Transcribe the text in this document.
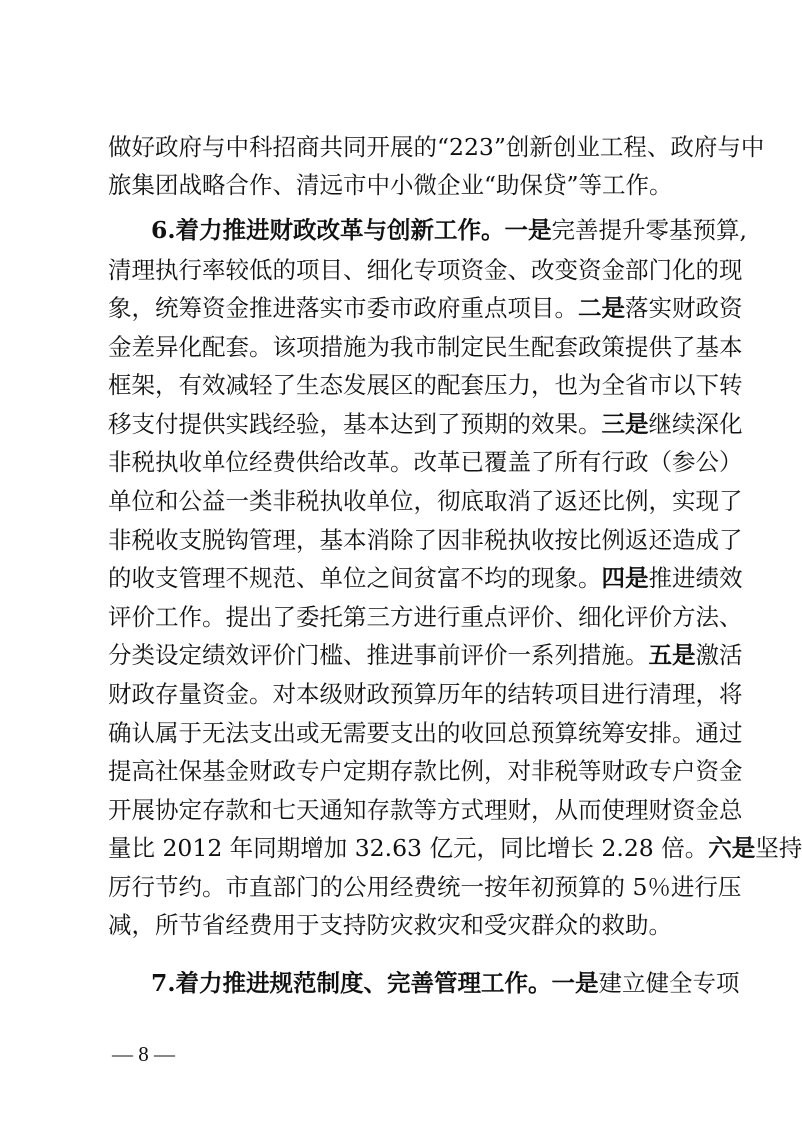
做好政府与中科招商共同开展的“223”创新创业工程、政府与中
旅集团战略合作、清远市中小微企业“助保贷”等工作。
6.着力推进财政改革与创新工作。一是完善提升零基预算,
清理执行率较低的项目、细化专项资金、改变资金部门化的现
象，统筹资金推进落实市委市政府重点项目。二是落实财政资
金差异化配套。该项措施为我市制定民生配套政策提供了基本
框架，有效减轻了生态发展区的配套压力，也为全省市以下转
移支付提供实践经验，基本达到了预期的效果。三是继续深化
非税执收单位经费供给改革。改革已覆盖了所有行政（参公）
单位和公益一类非税执收单位，彻底取消了返还比例，实现了
非税收支脱钩管理，基本消除了因非税执收按比例返还造成了
的收支管理不规范、单位之间贫富不均的现象。四是推进绩效
评价工作。提出了委托第三方进行重点评价、细化评价方法、
分类设定绩效评价门槛、推进事前评价一系列措施。五是激活
财政存量资金。对本级财政预算历年的结转项目进行清理，将
确认属于无法支出或无需要支出的收回总预算统筹安排。通过
提高社保基金财政专户定期存款比例，对非税等财政专户资金
开展协定存款和七天通知存款等方式理财，从而使理财资金总
量比 2012 年同期增加 32.63 亿元，同比增长 2.28 倍。六是坚持
厉行节约。市直部门的公用经费统一按年初预算的 5％进行压
减，所节省经费用于支持防灾救灾和受灾群众的救助。
7.着力推进规范制度、完善管理工作。一是建立健全专项
— 8 —
